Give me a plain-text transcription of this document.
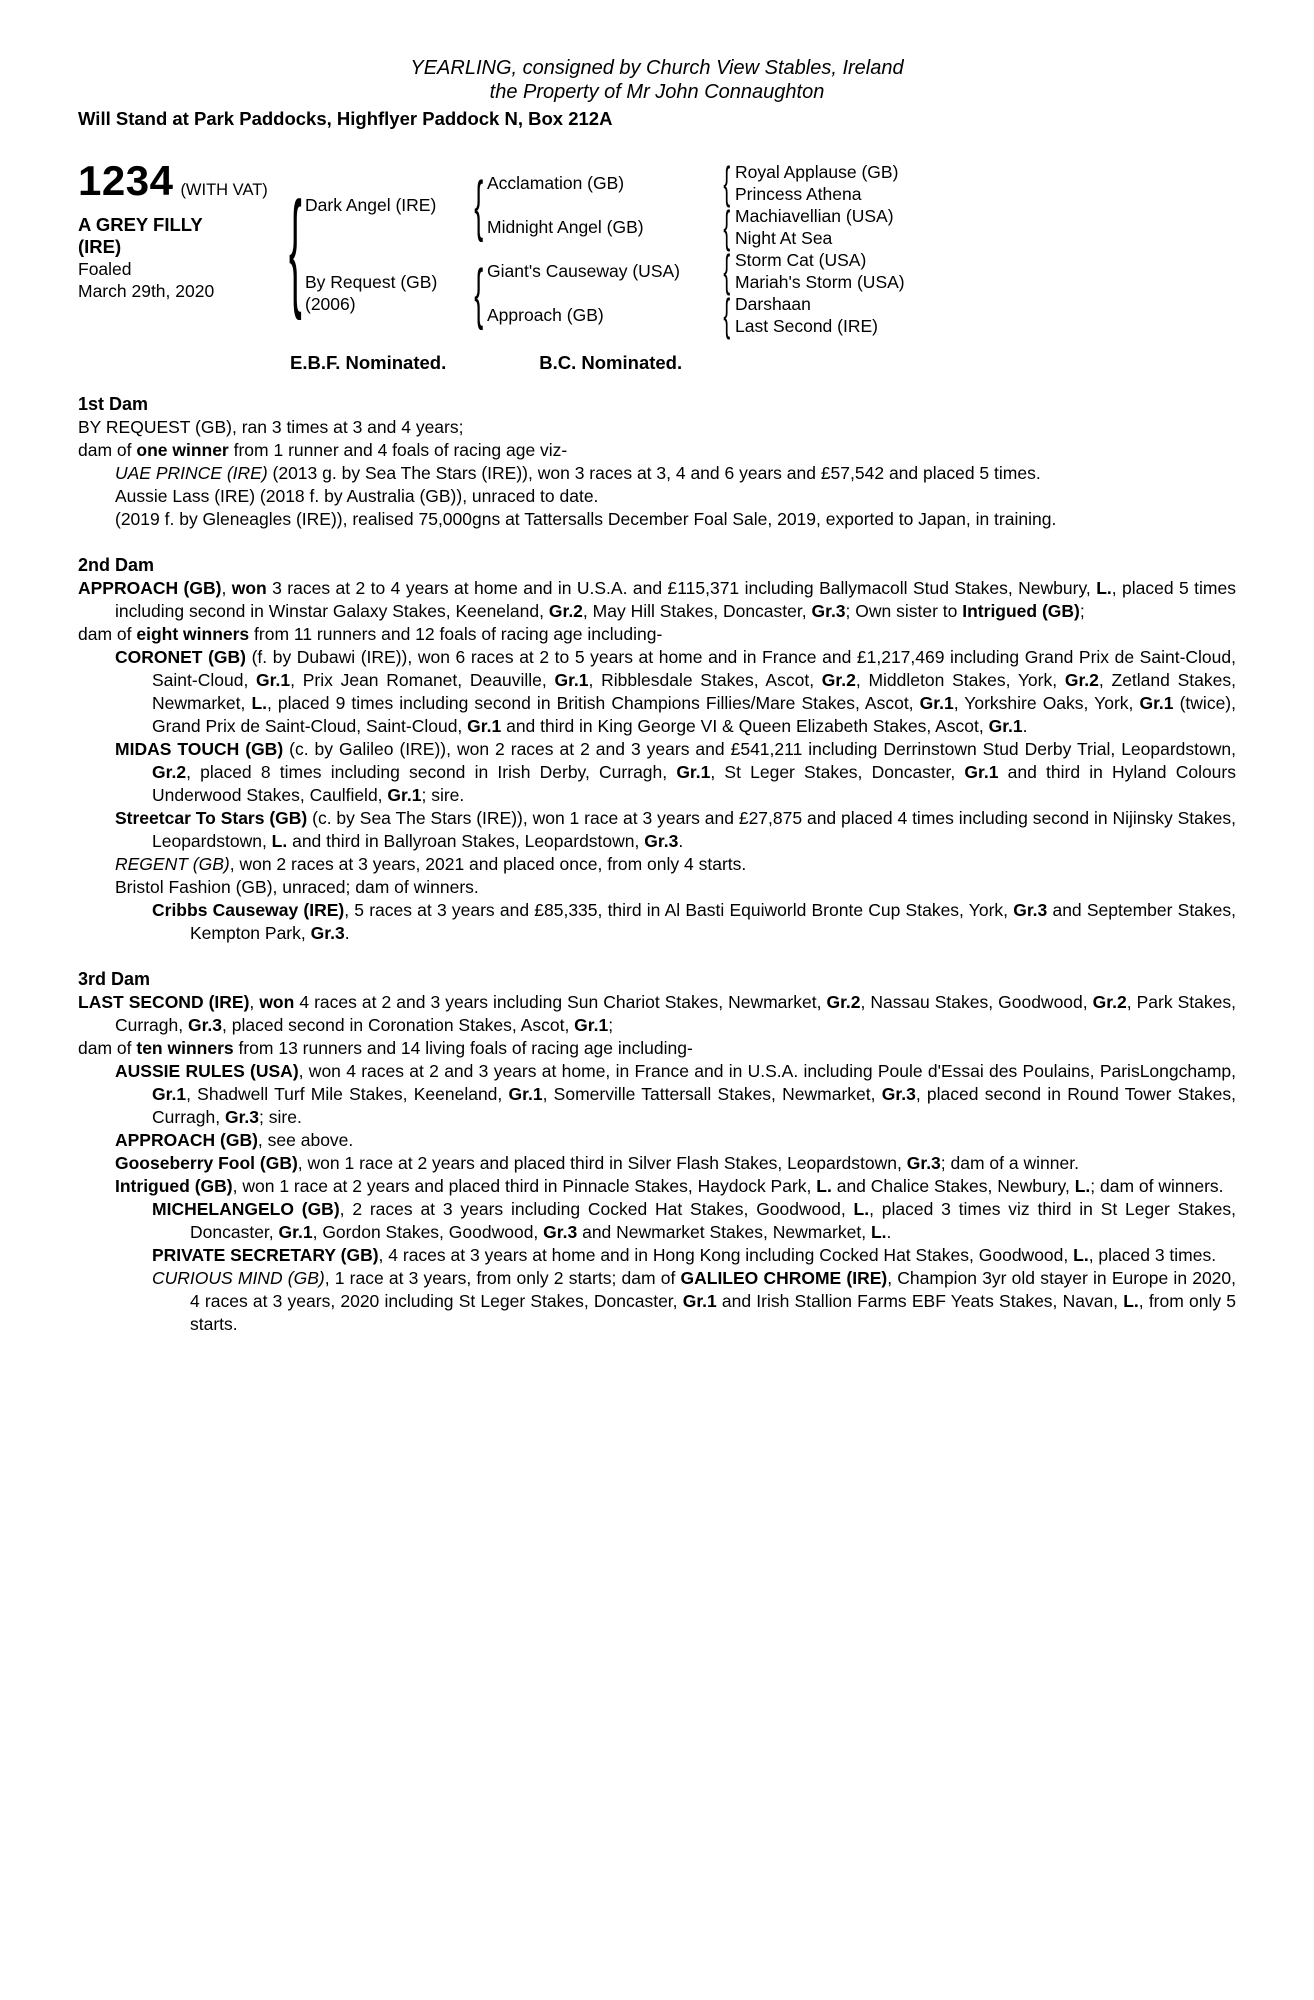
YEARLING, consigned by Church View Stables, Ireland
the Property of Mr John Connaughton
Will Stand at Park Paddocks, Highflyer Paddock N, Box 212A
1234 (WITH VAT)
A GREY FILLY
(IRE)
Foaled
March 29th, 2020 { Dark Angel (IRE)
By Request (GB)
(2006)
{
{
Acclamation (GB)
Midnight Angel (GB)
Giant's Causeway (USA)
Approach (GB)
{
{
{
{
Royal Applause (GB)
Princess Athena
Machiavellian (USA)
Night At Sea
Storm Cat (USA)
Mariah's Storm (USA)
Darshaan
Last Second (IRE)
E.B.F. Nominated.	B.C. Nominated.
1st Dam

BY REQUEST (GB), ran 3 times at 3 and 4 years;

dam of one winner from 1 runner and 4 foals of racing age viz-

UAE PRINCE (IRE) (2013 g. by Sea The Stars (IRE)), won 3 races at 3, 4 and 6 years and £57,542 and placed 5 times.

Aussie Lass (IRE) (2018 f. by Australia (GB)), unraced to date.

(2019 f. by Gleneagles (IRE)), realised 75,000gns at Tattersalls December Foal Sale, 2019, exported to Japan, in training.

2nd Dam

APPROACH (GB), won 3 races at 2 to 4 years at home and in U.S.A. and £115,371 including Ballymacoll Stud Stakes, Newbury, L., placed 5 times including second in Winstar Galaxy Stakes, Keeneland, Gr.2, May Hill Stakes, Doncaster, Gr.3; Own sister to Intrigued (GB);

dam of eight winners from 11 runners and 12 foals of racing age including-

CORONET (GB) (f. by Dubawi (IRE)), won 6 races at 2 to 5 years at home and in France and £1,217,469 including Grand Prix de Saint-Cloud, Saint-Cloud, Gr.1, Prix Jean Romanet, Deauville, Gr.1, Ribblesdale Stakes, Ascot, Gr.2, Middleton Stakes, York, Gr.2, Zetland Stakes, Newmarket, L., placed 9 times including second in British Champions Fillies/Mare Stakes, Ascot, Gr.1, Yorkshire Oaks, York, Gr.1 (twice), Grand Prix de Saint-Cloud, Saint-Cloud, Gr.1 and third in King George VI & Queen Elizabeth Stakes, Ascot, Gr.1.

MIDAS TOUCH (GB) (c. by Galileo (IRE)), won 2 races at 2 and 3 years and £541,211 including Derrinstown Stud Derby Trial, Leopardstown, Gr.2, placed 8 times including second in Irish Derby, Curragh, Gr.1, St Leger Stakes, Doncaster, Gr.1 and third in Hyland Colours Underwood Stakes, Caulfield, Gr.1; sire.

Streetcar To Stars (GB) (c. by Sea The Stars (IRE)), won 1 race at 3 years and £27,875 and placed 4 times including second in Nijinsky Stakes, Leopardstown, L. and third in Ballyroan Stakes, Leopardstown, Gr.3.

REGENT (GB), won 2 races at 3 years, 2021 and placed once, from only 4 starts.

Bristol Fashion (GB), unraced; dam of winners.

Cribbs Causeway (IRE), 5 races at 3 years and £85,335, third in Al Basti Equiworld Bronte Cup Stakes, York, Gr.3 and September Stakes, Kempton Park, Gr.3.

3rd Dam

LAST SECOND (IRE), won 4 races at 2 and 3 years including Sun Chariot Stakes, Newmarket, Gr.2, Nassau Stakes, Goodwood, Gr.2, Park Stakes, Curragh, Gr.3, placed second in Coronation Stakes, Ascot, Gr.1;

dam of ten winners from 13 runners and 14 living foals of racing age including-

AUSSIE RULES (USA), won 4 races at 2 and 3 years at home, in France and in U.S.A. including Poule d'Essai des Poulains, ParisLongchamp, Gr.1, Shadwell Turf Mile Stakes, Keeneland, Gr.1, Somerville Tattersall Stakes, Newmarket, Gr.3, placed second in Round Tower Stakes, Curragh, Gr.3; sire.

APPROACH (GB), see above.

Gooseberry Fool (GB), won 1 race at 2 years and placed third in Silver Flash Stakes, Leopardstown, Gr.3; dam of a winner.

Intrigued (GB), won 1 race at 2 years and placed third in Pinnacle Stakes, Haydock Park, L. and Chalice Stakes, Newbury, L.; dam of winners.

MICHELANGELO (GB), 2 races at 3 years including Cocked Hat Stakes, Goodwood, L., placed 3 times viz third in St Leger Stakes, Doncaster, Gr.1, Gordon Stakes, Goodwood, Gr.3 and Newmarket Stakes, Newmarket, L..

PRIVATE SECRETARY (GB), 4 races at 3 years at home and in Hong Kong including Cocked Hat Stakes, Goodwood, L., placed 3 times.

CURIOUS MIND (GB), 1 race at 3 years, from only 2 starts; dam of GALILEO CHROME (IRE), Champion 3yr old stayer in Europe in 2020, 4 races at 3 years, 2020 including St Leger Stakes, Doncaster, Gr.1 and Irish Stallion Farms EBF Yeats Stakes, Navan, L., from only 5 starts.
